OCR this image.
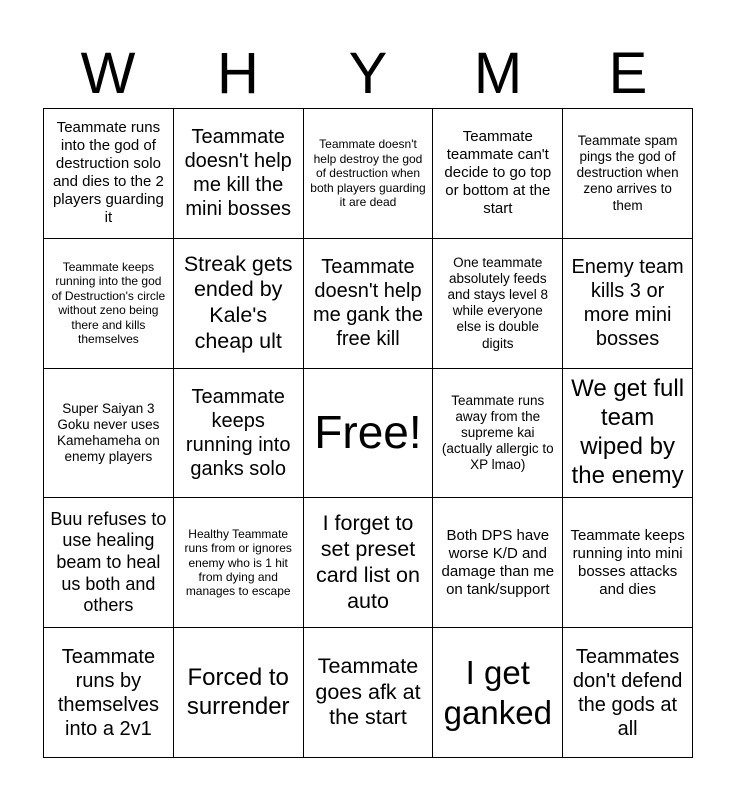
W	H	Y	M	E
Teammate runs into the god of destruction solo and dies to the 2 players guarding it
Teammate doesn't help me kill the mini bosses
Teammate doesn't help destroy the god of destruction when both players guarding it are dead
Teammate teammate can't decide to go top or bottom at the start
Teammate spam pings the god of destruction when zeno arrives to them
Teammate keeps running into the god of Destruction's circle without zeno being there and kills themselves
Streak gets ended by Kale's cheap ult
Teammate doesn't help me gank the free kill
One teammate absolutely feeds and stays level 8 while everyone else is double digits
Enemy team kills 3 or more mini bosses
Super Saiyan 3 Goku never uses Kamehameha on enemy players
Teammate keeps running into ganks solo
Free!
Teammate runs away from the supreme kai (actually allergic to XP lmao)
We get full team wiped by the enemy
Buu refuses to use healing beam to heal us both and others
Healthy Teammate runs from or ignores enemy who is 1 hit from dying and manages to escape
I forget to set preset card list on auto
Both DPS have worse K/D and damage than me on tank/support
Teammate keeps running into mini bosses attacks and dies
Teammate runs by themselves into a 2v1
Forced to surrender
Teammate goes afk at the start
I get ganked
Teammates don't defend the gods at all
